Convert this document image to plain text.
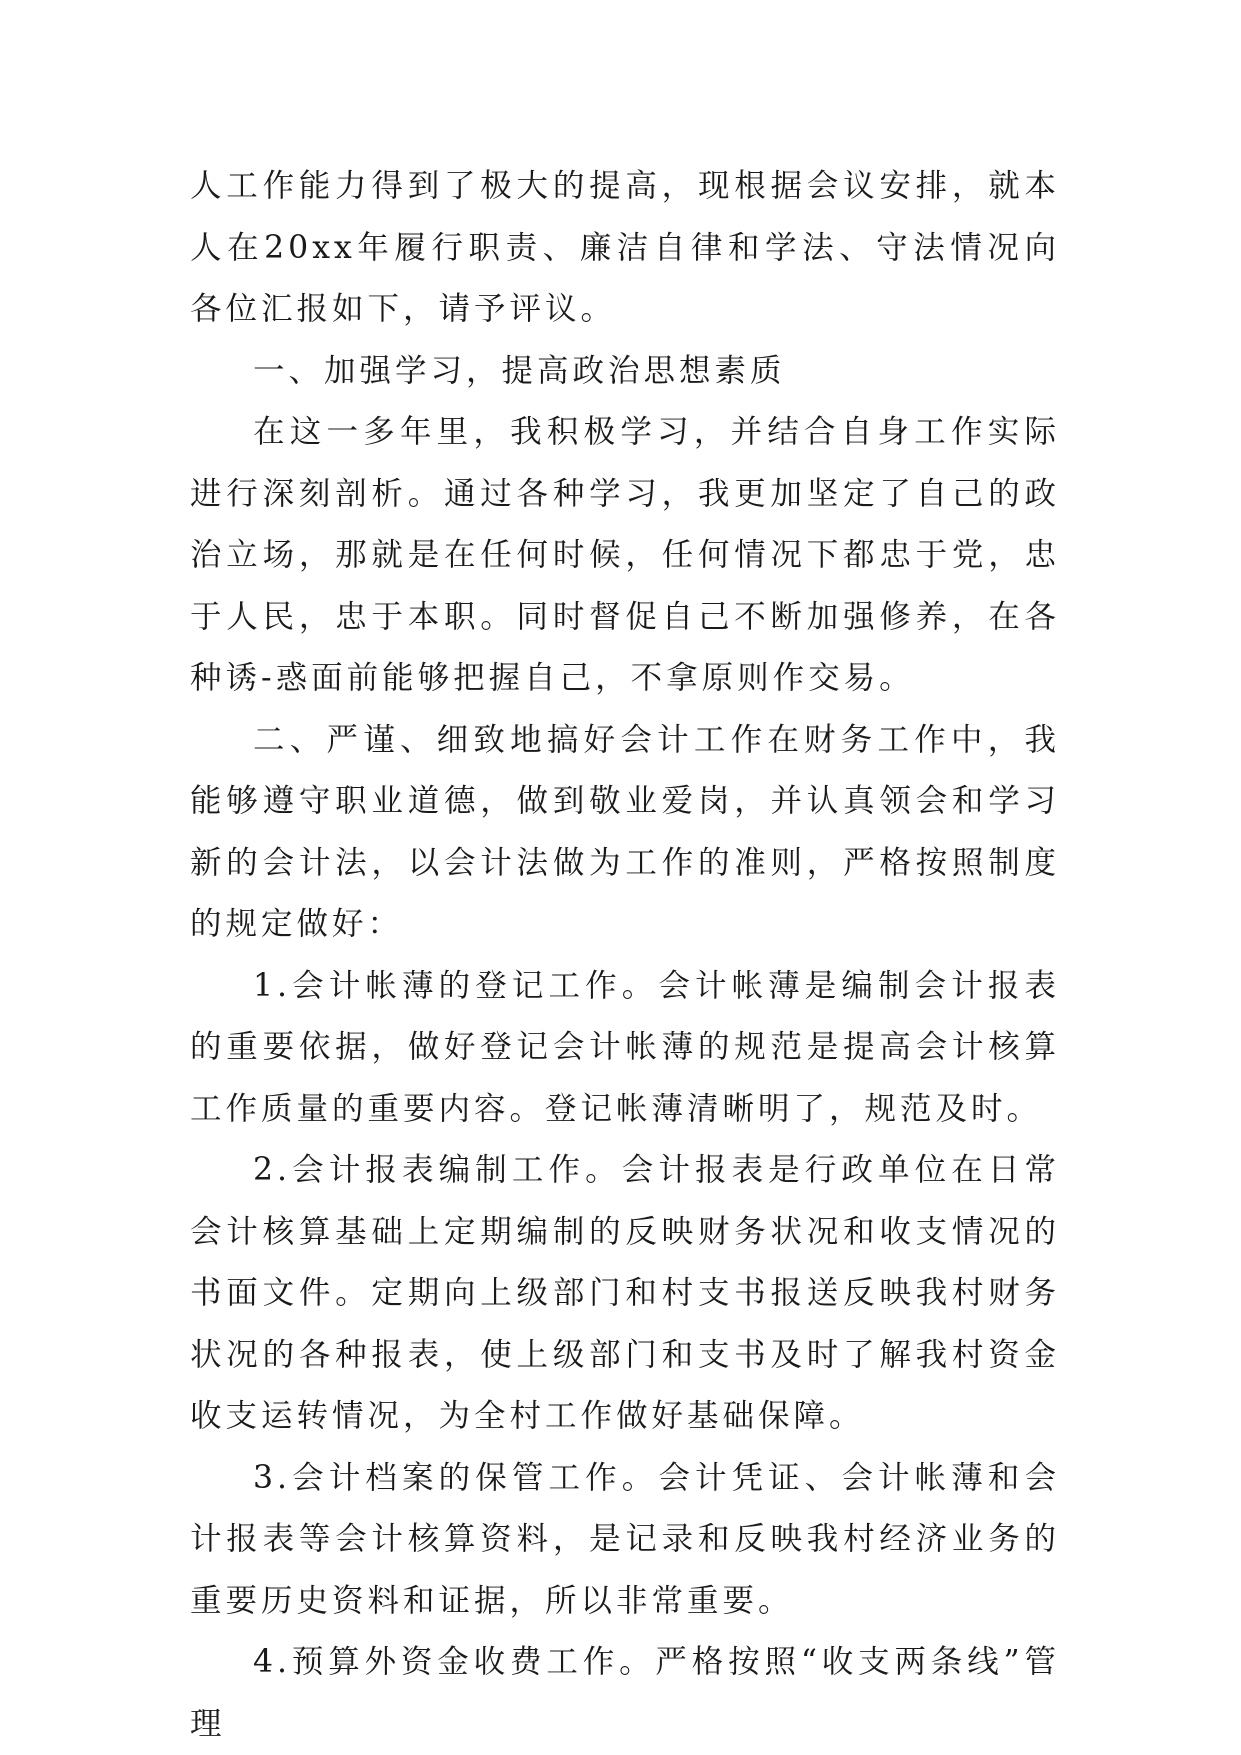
人工作能力得到了极大的提高，现根据会议安排，就本人在20xx年履行职责、廉洁自律和学法、守法情况向各位汇报如下，请予评议。

一、加强学习，提高政治思想素质

在这一多年里，我积极学习，并结合自身工作实际进行深刻剖析。通过各种学习，我更加坚定了自己的政治立场，那就是在任何时候，任何情况下都忠于党，忠于人民，忠于本职。同时督促自己不断加强修养，在各种诱-惑面前能够把握自己，不拿原则作交易。

二、严谨、细致地搞好会计工作在财务工作中，我能够遵守职业道德，做到敬业爱岗，并认真领会和学习新的会计法，以会计法做为工作的准则，严格按照制度的规定做好：

1.会计帐薄的登记工作。会计帐薄是编制会计报表的重要依据，做好登记会计帐薄的规范是提高会计核算工作质量的重要内容。登记帐薄清晰明了，规范及时。

2.会计报表编制工作。会计报表是行政单位在日常会计核算基础上定期编制的反映财务状况和收支情况的书面文件。定期向上级部门和村支书报送反映我村财务状况的各种报表，使上级部门和支书及时了解我村资金收支运转情况，为全村工作做好基础保障。

3.会计档案的保管工作。会计凭证、会计帐薄和会计报表等会计核算资料，是记录和反映我村经济业务的重要历史资料和证据，所以非常重要。

4.预算外资金收费工作。严格按照“收支两条线”管理
